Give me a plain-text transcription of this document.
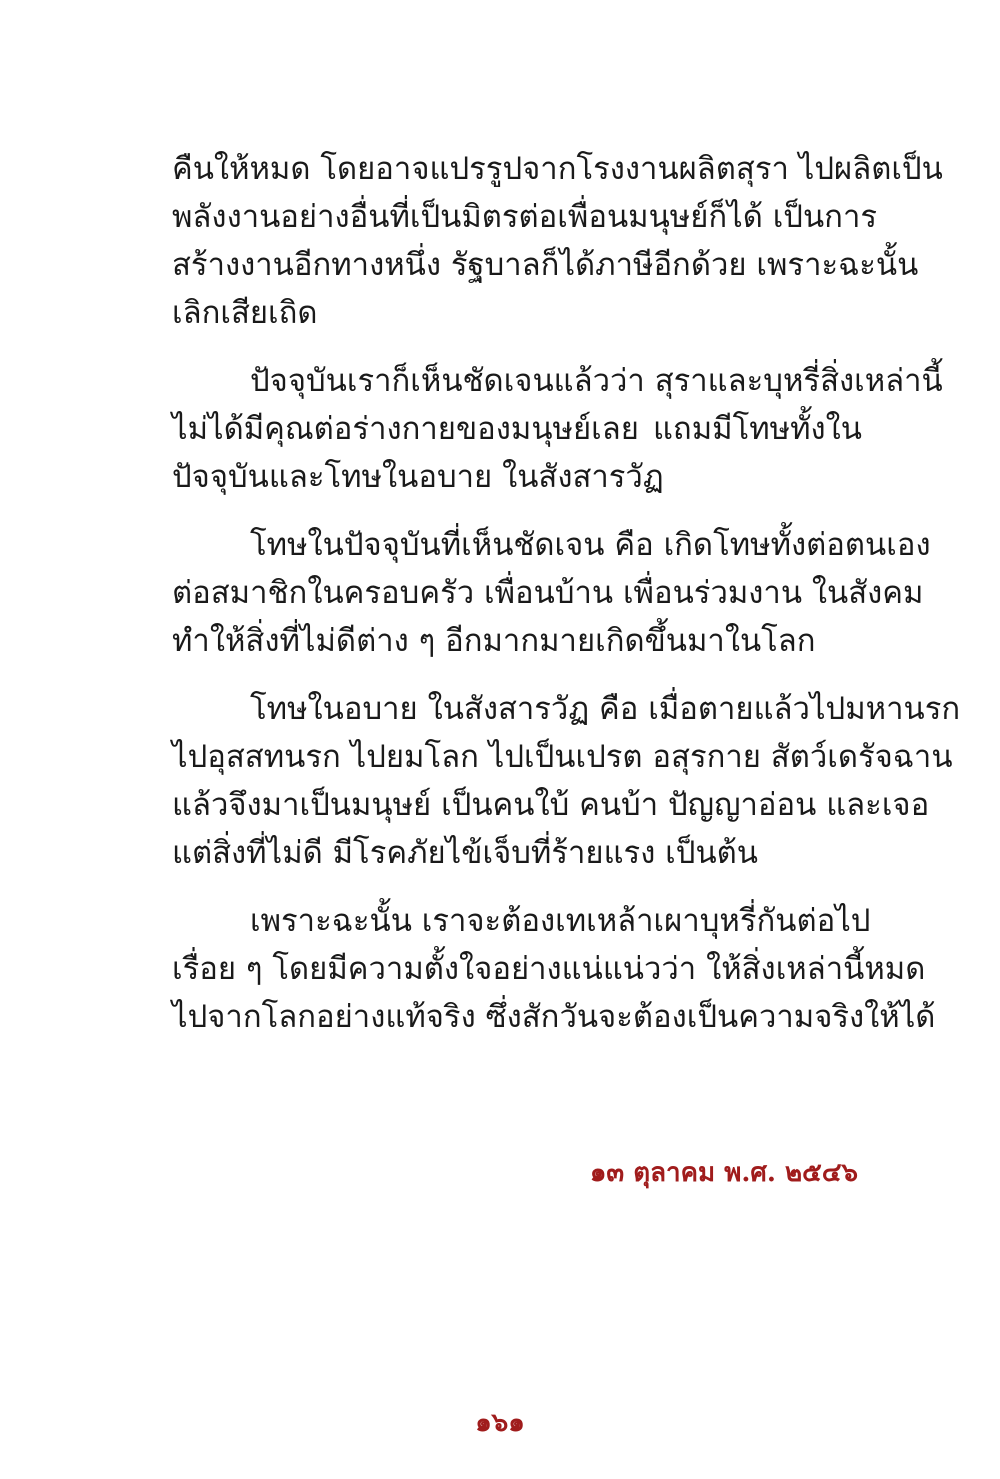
คืนให้หมด โดยอาจแปรรูปจากโรงงานผลิตสุรา ไปผลิตเป็น
พลังงานอย่างอื่นที่เป็นมิตรต่อเพื่อนมนุษย์ก็ได้ เป็นการ
สร้างงานอีกทางหนึ่ง รัฐบาลก็ได้ภาษีอีกด้วย เพราะฉะนั้น
เลิกเสียเถิด
ปัจจุบันเราก็เห็นชัดเจนแล้วว่า สุราและบุหรี่สิ่งเหล่านี้
ไม่ได้มีคุณต่อร่างกายของมนุษย์เลย แถมมีโทษทั้งใน
ปัจจุบันและโทษในอบาย ในสังสารวัฏ
โทษในปัจจุบันที่เห็นชัดเจน คือ เกิดโทษทั้งต่อตนเอง
ต่อสมาชิกในครอบครัว เพื่อนบ้าน เพื่อนร่วมงาน ในสังคม
ทำให้สิ่งที่ไม่ดีต่าง ๆ อีกมากมายเกิดขึ้นมาในโลก
โทษในอบาย ในสังสารวัฏ คือ เมื่อตายแล้วไปมหานรก
ไปอุสสทนรก ไปยมโลก ไปเป็นเปรต อสุรกาย สัตว์เดรัจฉาน
แล้วจึงมาเป็นมนุษย์ เป็นคนใบ้ คนบ้า ปัญญาอ่อน และเจอ
แต่สิ่งที่ไม่ดี มีโรคภัยไข้เจ็บที่ร้ายแรง เป็นต้น
เพราะฉะนั้น เราจะต้องเทเหล้าเผาบุหรี่กันต่อไป
เรื่อย ๆ โดยมีความตั้งใจอย่างแน่แน่วว่า ให้สิ่งเหล่านี้หมด
ไปจากโลกอย่างแท้จริง ซึ่งสักวันจะต้องเป็นความจริงให้ได้
๑๓ ตุลาคม พ.ศ. ๒๕๔๖
๑๖๑
